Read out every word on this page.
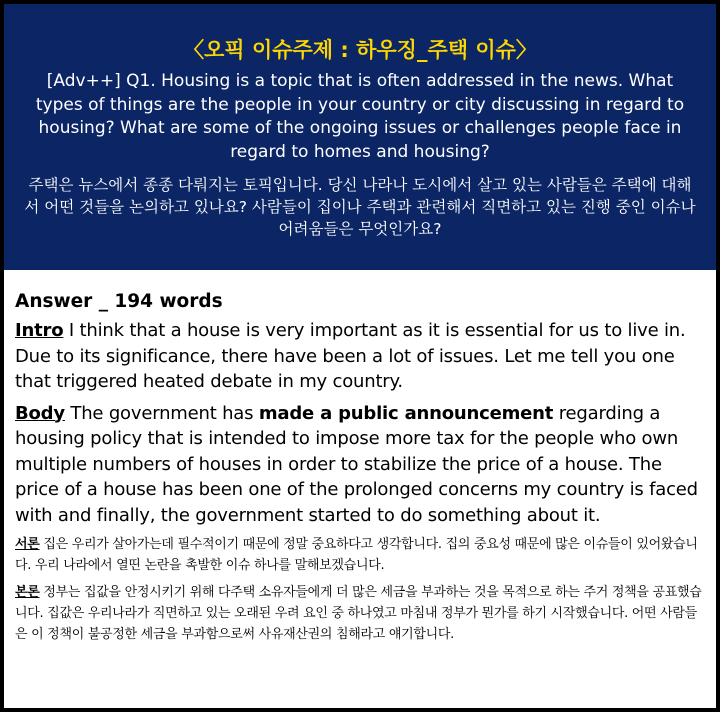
〈오픽 이슈주제 : 하우징_주택 이슈〉

[Adv++] Q1. Housing is a topic that is often addressed in the news. What types of things are the people in your country or city discussing in regard to housing? What are some of the ongoing issues or challenges people face in regard to homes and housing?

주택은 뉴스에서 종종 다뤄지는 토픽입니다. 당신 나라나 도시에서 살고 있는 사람들은 주택에 대해서 어떤 것들을 논의하고 있나요? 사람들이 집이나 주택과 관련해서 직면하고 있는 진행 중인 이슈나 어려움들은 무엇인가요?

Answer _ 194 words

Intro I think that a house is very important as it is essential for us to live in. Due to its significance, there have been a lot of issues. Let me tell you one that triggered heated debate in my country.

Body The government has made a public announcement regarding a housing policy that is intended to impose more tax for the people who own multiple numbers of houses in order to stabilize the price of a house. The price of a house has been one of the prolonged concerns my country is faced with and finally, the government started to do something about it.

서론 집은 우리가 살아가는데 필수적이기 때문에 정말 중요하다고 생각합니다. 집의 중요성 때문에 많은 이슈들이 있어왔습니다. 우리 나라에서 열띤 논란을 촉발한 이슈 하나를 말해보겠습니다.

본론 정부는 집값을 안정시키기 위해 다주택 소유자들에게 더 많은 세금을 부과하는 것을 목적으로 하는 주거 정책을 공표했습니다. 집값은 우리나라가 직면하고 있는 오래된 우려 요인 중 하나였고 마침내 정부가 뭔가를 하기 시작했습니다. 어떤 사람들은 이 정책이 불공정한 세금을 부과함으로써 사유재산권의 침해라고 얘기합니다.
